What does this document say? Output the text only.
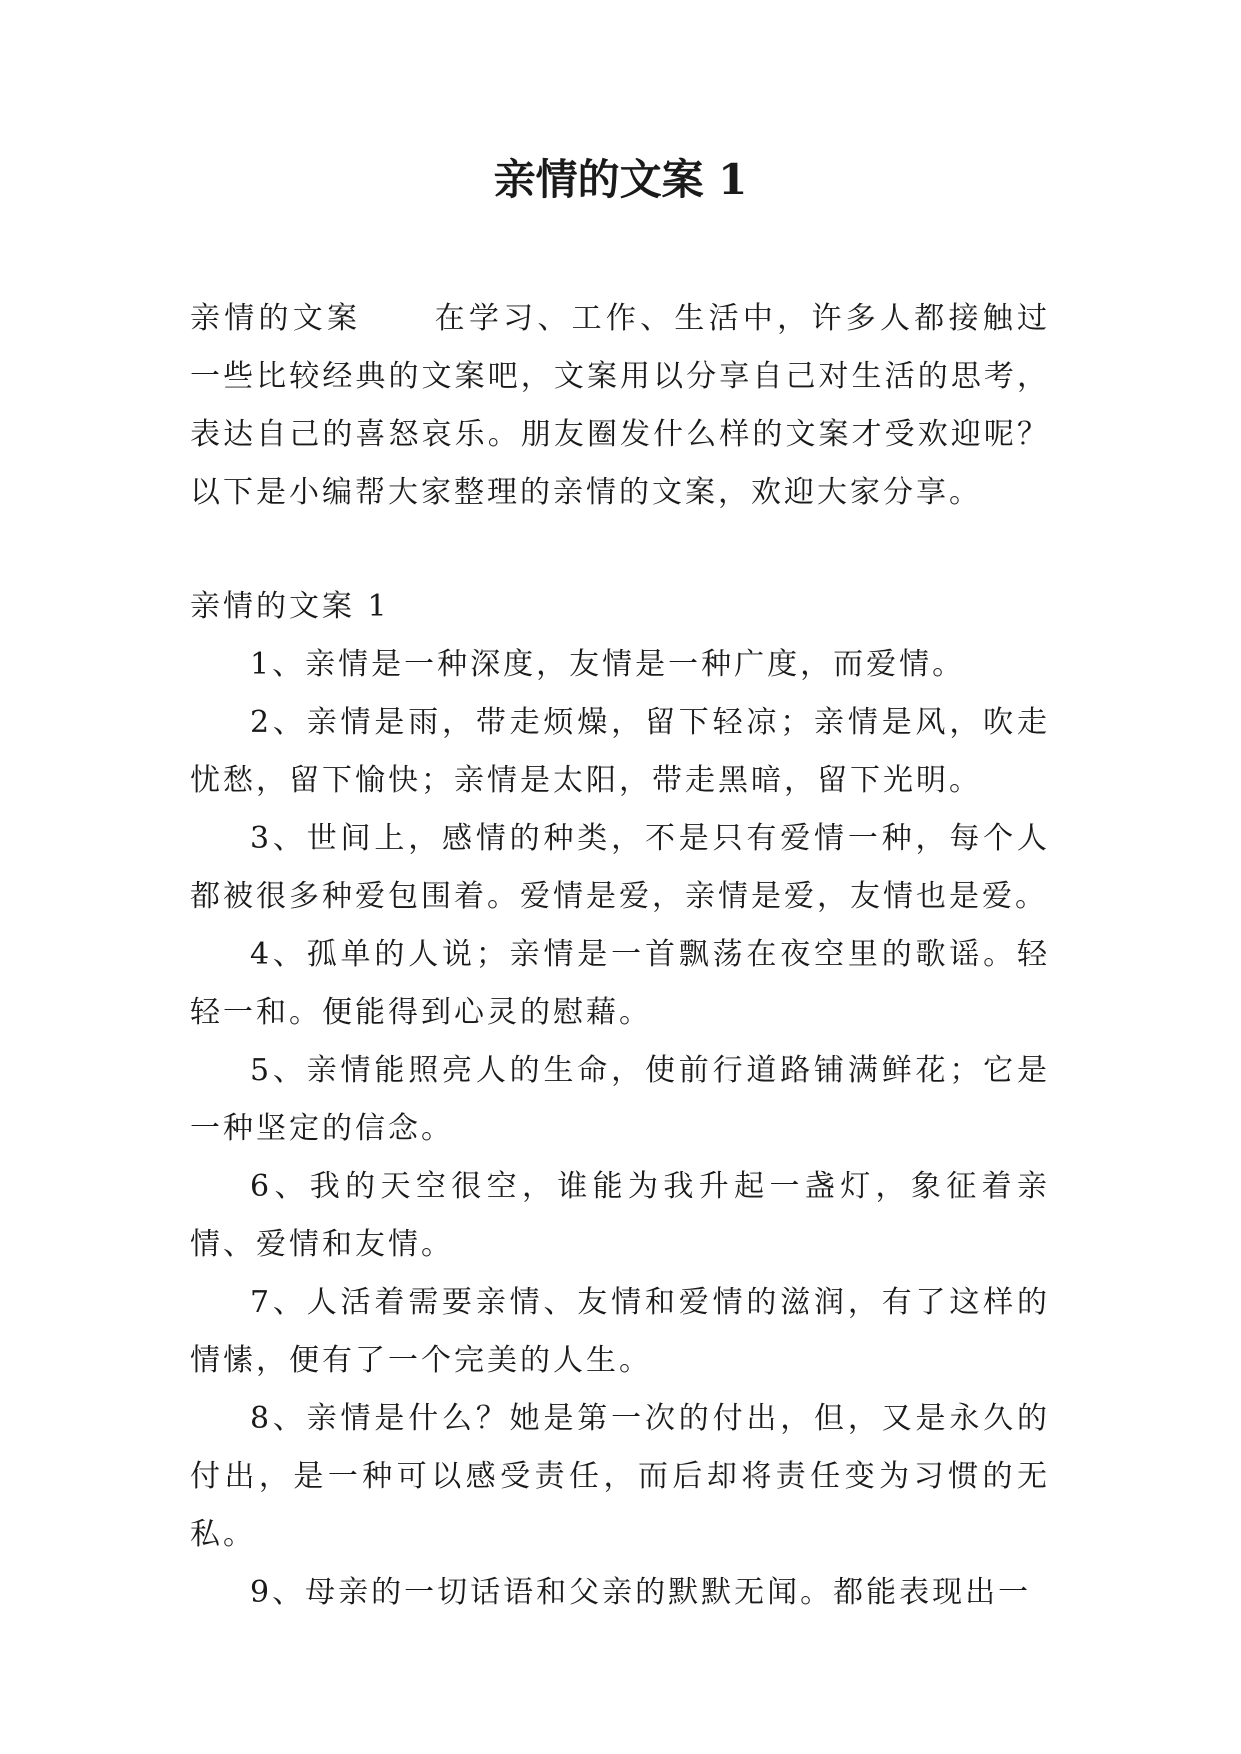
亲情的文案 1

亲情的文案 在学习、工作、生活中，许多人都接触过一些比较经典的文案吧，文案用以分享自己对生活的思考，表达自己的喜怒哀乐。朋友圈发什么样的文案才受欢迎呢？以下是小编帮大家整理的亲情的文案，欢迎大家分享。

亲情的文案 1

1、亲情是一种深度，友情是一种广度，而爱情。
2、亲情是雨，带走烦燥，留下轻凉；亲情是风，吹走忧愁，留下愉快；亲情是太阳，带走黑暗，留下光明。
3、世间上，感情的种类，不是只有爱情一种，每个人都被很多种爱包围着。爱情是爱，亲情是爱，友情也是爱。
4、孤单的人说；亲情是一首飘荡在夜空里的歌谣。轻轻一和。便能得到心灵的慰藉。
5、亲情能照亮人的生命，使前行道路铺满鲜花；它是一种坚定的信念。
6、我的天空很空，谁能为我升起一盏灯，象征着亲情、爱情和友情。
7、人活着需要亲情、友情和爱情的滋润，有了这样的情愫，便有了一个完美的人生。
8、亲情是什么？她是第一次的付出，但，又是永久的付出，是一种可以感受责任，而后却将责任变为习惯的无私。
9、母亲的一切话语和父亲的默默无闻。都能表现出一
